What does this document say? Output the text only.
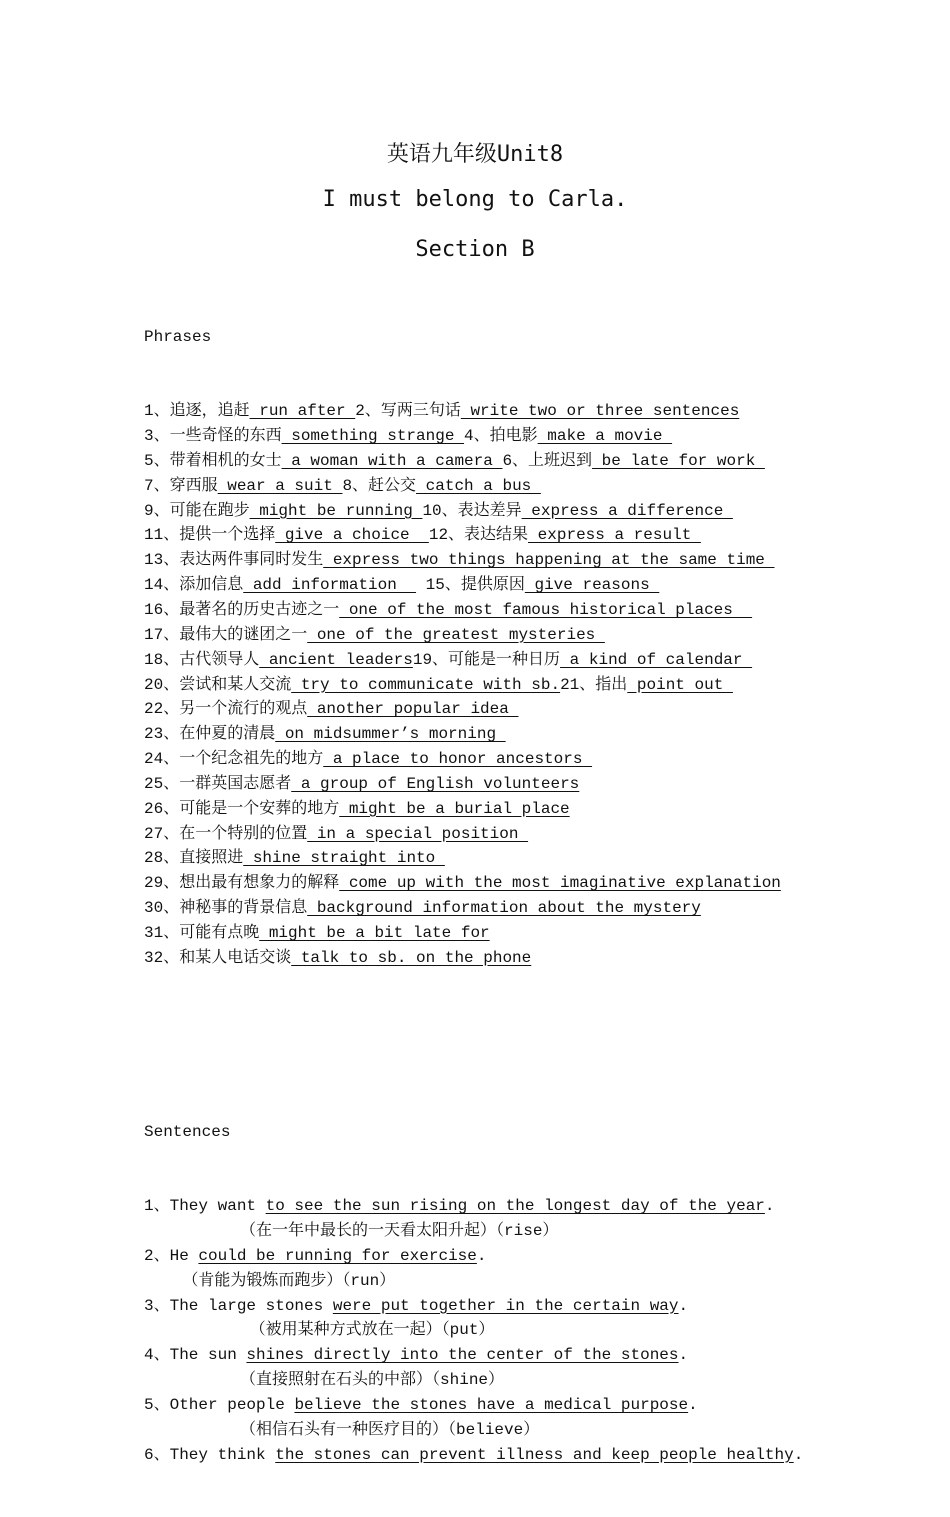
英语九年级Unit8
I must belong to Carla.
Section B

Phrases

1、追逐，追赶 run after 2、写两三句话 write two or three sentences
3、一些奇怪的东西 something strange 4、拍电影 make a movie
5、带着相机的女士 a woman with a camera 6、上班迟到 be late for work
7、穿西服 wear a suit 8、赶公交 catch a bus
9、可能在跑步 might be running 10、表达差异 express a difference
11、提供一个选择 give a choice  12、表达结果 express a result
13、表达两件事同时发生 express two things happening at the same time
14、添加信息 add information   15、提供原因 give reasons
16、最著名的历史古迹之一 one of the most famous historical places
17、最伟大的谜团之一 one of the greatest mysteries
18、古代领导人 ancient leaders19、可能是一种日历 a kind of calendar
20、尝试和某人交流 try to communicate with sb.21、指出 point out
22、另一个流行的观点 another popular idea
23、在仲夏的清晨 on midsummer’s morning
24、一个纪念祖先的地方 a place to honor ancestors
25、一群英国志愿者 a group of English volunteers
26、可能是一个安葬的地方 might be a burial place
27、在一个特别的位置 in a special position
28、直接照进 shine straight into
29、想出最有想象力的解释 come up with the most imaginative explanation
30、神秘事的背景信息 background information about the mystery
31、可能有点晚 might be a bit late for
32、和某人电话交谈 talk to sb. on the phone

Sentences

1、They want to see the sun rising on the longest day of the year.
（在一年中最长的一天看太阳升起）（rise）
2、He could be running for exercise.
（肯能为锻炼而跑步）（run）
3、The large stones were put together in the certain way.
（被用某种方式放在一起）（put）
4、The sun shines directly into the center of the stones.
（直接照射在石头的中部）（shine）
5、Other people believe the stones have a medical purpose.
（相信石头有一种医疗目的）（believe）
6、They think the stones can prevent illness and keep people healthy.
